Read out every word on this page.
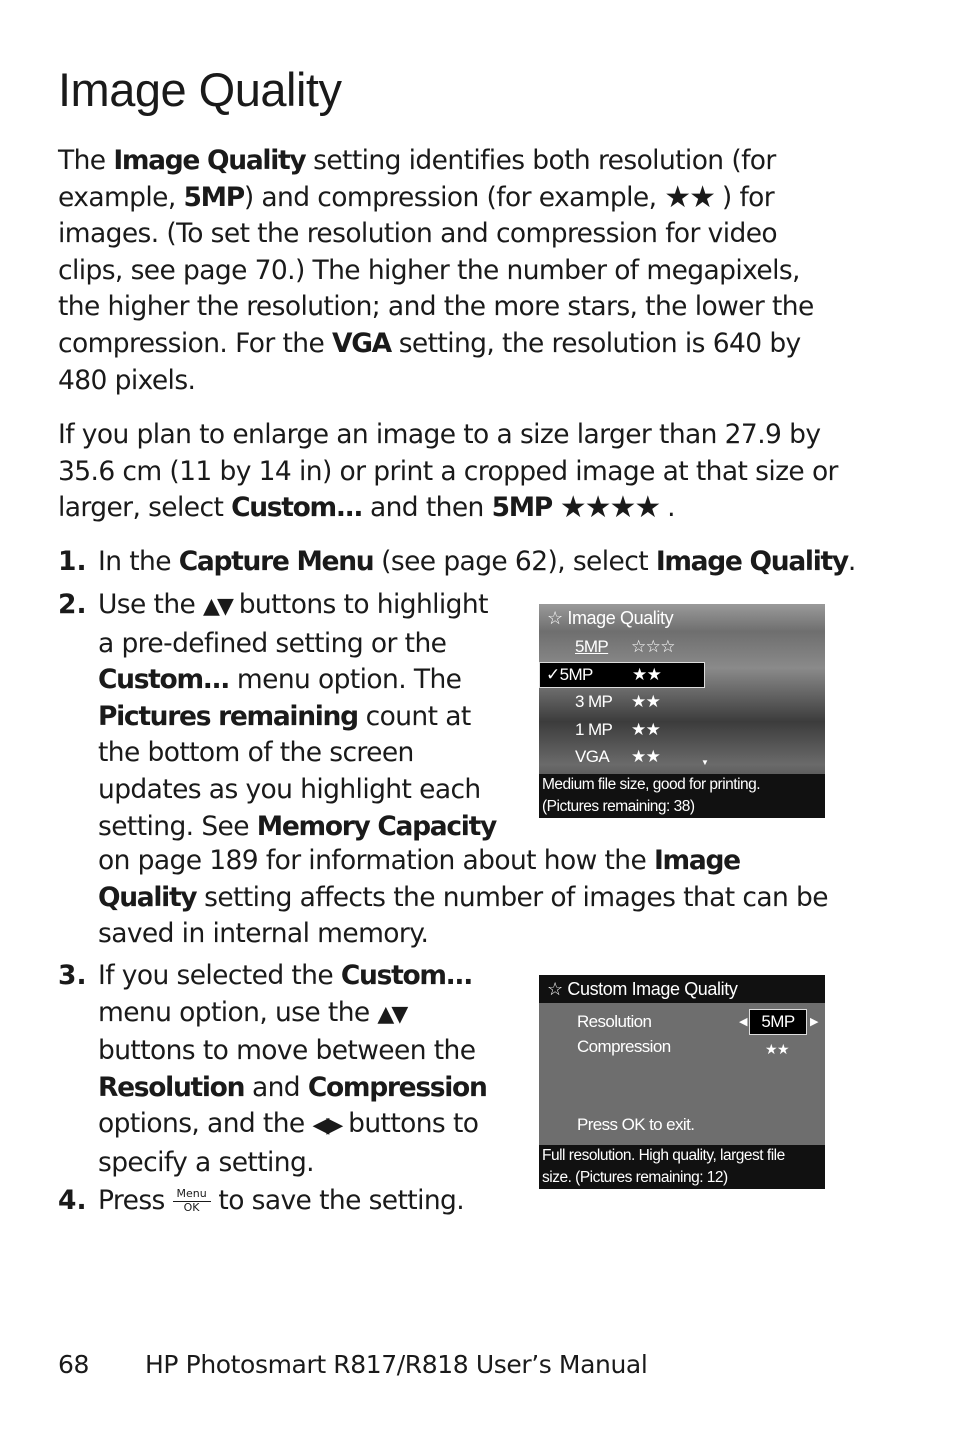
Image Quality

The Image Quality setting identifies both resolution (for example, 5MP) and compression (for example, ★★ ) for images. (To set the resolution and compression for video clips, see page 70.) The higher the number of megapixels, the higher the resolution; and the more stars, the lower the compression. For the VGA setting, the resolution is 640 by 480 pixels.

If you plan to enlarge an image to a size larger than 27.9 by 35.6 cm (11 by 14 in) or print a cropped image at that size or larger, select Custom... and then 5MP ★★★★ .

1. In the Capture Menu (see page 62), select Image Quality.

2. Use the ▲▼ buttons to highlight a pre-defined setting or the Custom... menu option. The Pictures remaining count at the bottom of the screen updates as you highlight each setting. See Memory Capacity

on page 189 for information about how the Image Quality setting affects the number of images that can be saved in internal memory.

☆ Image Quality
5MP ☆☆☆
✓5MP ★★
3 MP ★★
1 MP ★★
VGA ★★	▼
Medium file size, good for printing.
(Pictures remaining: 38)
3. If you selected the Custom... menu option, use the ▲▼ buttons to move between the Resolution and Compression options, and the ◀▶ buttons to specify a setting.

☆ Custom Image Quality
Resolution	◀ 5MP	▶
Compression	★★
Press OK to exit.
Full resolution. High quality, largest file
size. (Pictures remaining: 12)
4. Press Menu
OK to save the setting.

68 HP Photosmart R817/R818 User’s Manual
